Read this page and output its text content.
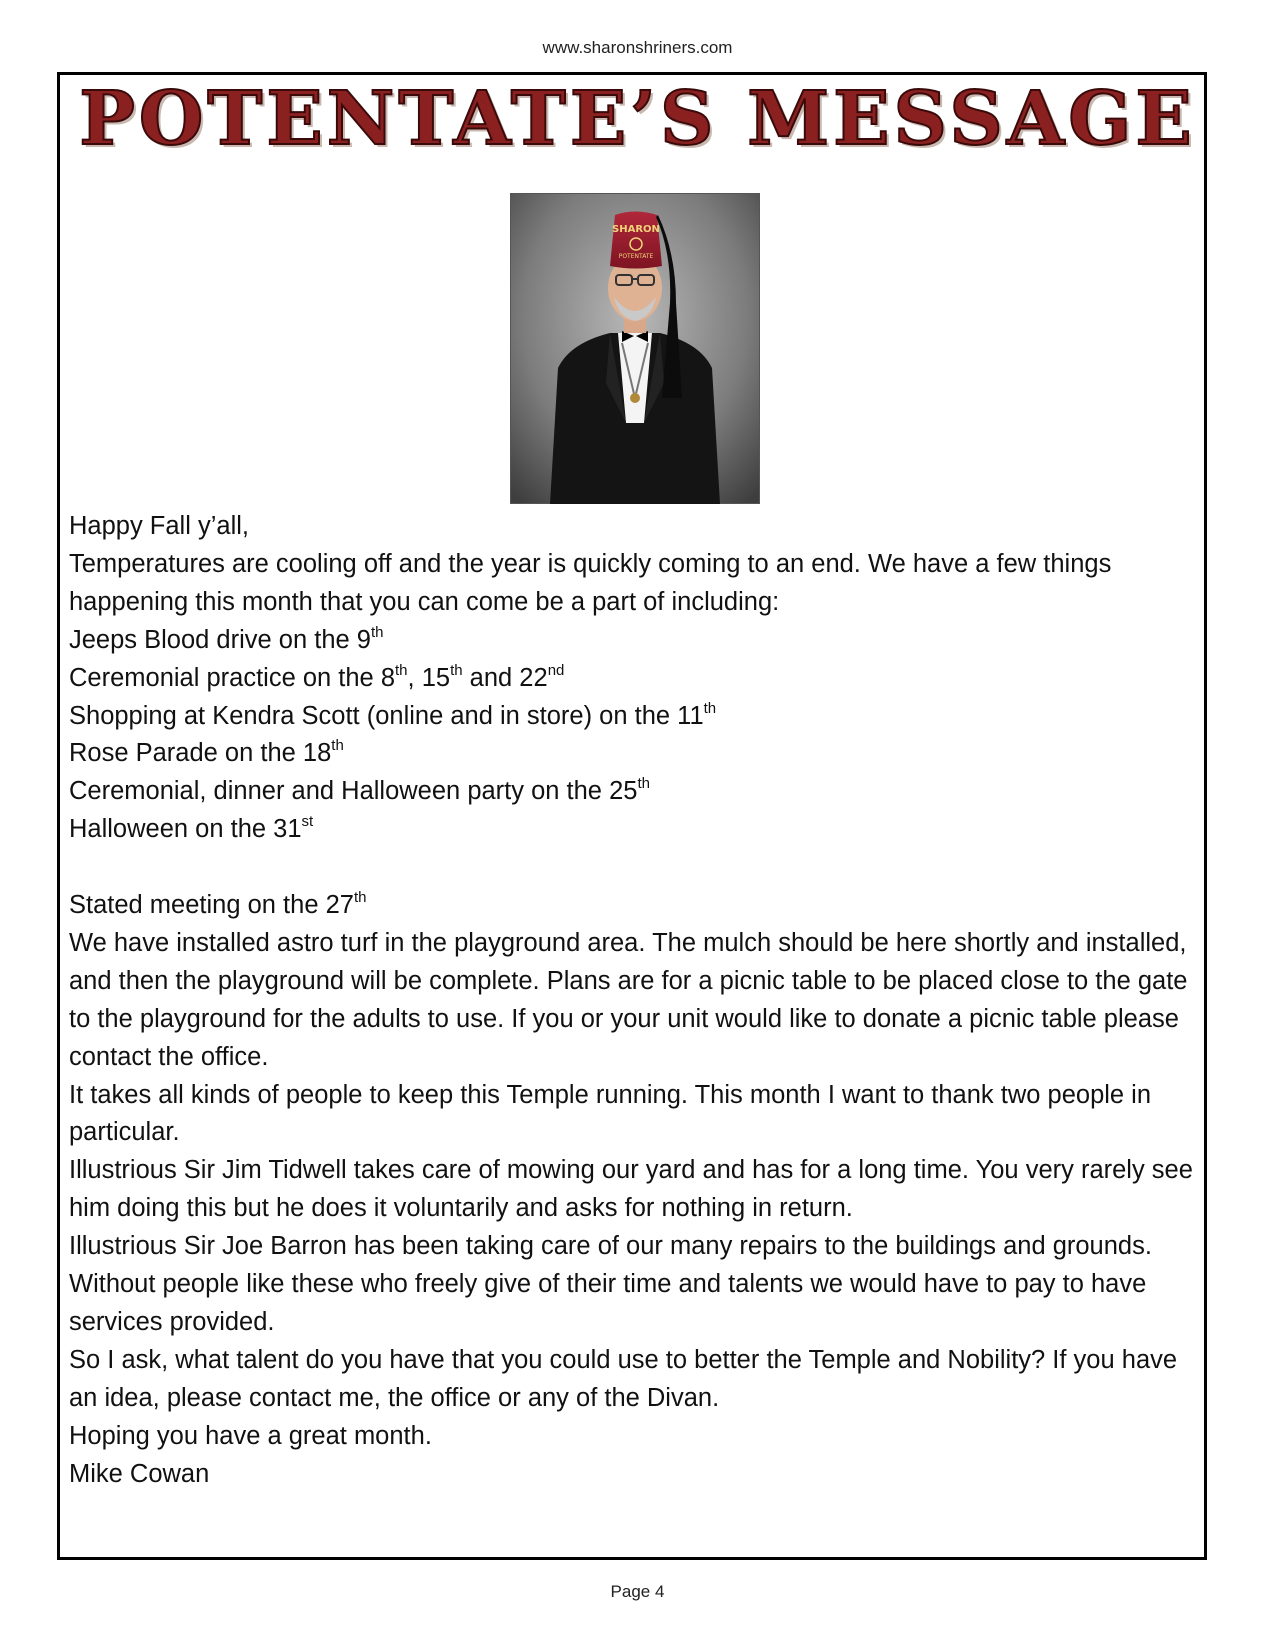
www.sharonshriners.com
POTENTATE’S MESSAGE
SHARON
POTENTATE

Happy Fall y’all,

Temperatures are cooling off and the year is quickly coming to an end. We have a few things happening this month that you can come be a part of including:

Jeeps Blood drive on the 9th

Ceremonial practice on the 8th, 15th and 22nd

Shopping at Kendra Scott (online and in store) on the 11th

Rose Parade on the 18th

Ceremonial, dinner and Halloween party on the 25th

Halloween on the 31st

Stated meeting on the 27th

We have installed astro turf in the playground area. The mulch should be here shortly and installed, and then the playground will be complete. Plans are for a picnic table to be placed close to the gate to the playground for the adults to use. If you or your unit would like to donate a picnic table please contact the office.

It takes all kinds of people to keep this Temple running. This month I want to thank two people in particular.

Illustrious Sir Jim Tidwell takes care of mowing our yard and has for a long time. You very rarely see him doing this but he does it voluntarily and asks for nothing in return.

Illustrious Sir Joe Barron has been taking care of our many repairs to the buildings and grounds.

Without people like these who freely give of their time and talents we would have to pay to have services provided.

So I ask, what talent do you have that you could use to better the Temple and Nobility? If you have an idea, please contact me, the office or any of the Divan.

Hoping you have a great month.

Mike Cowan

Page 4
